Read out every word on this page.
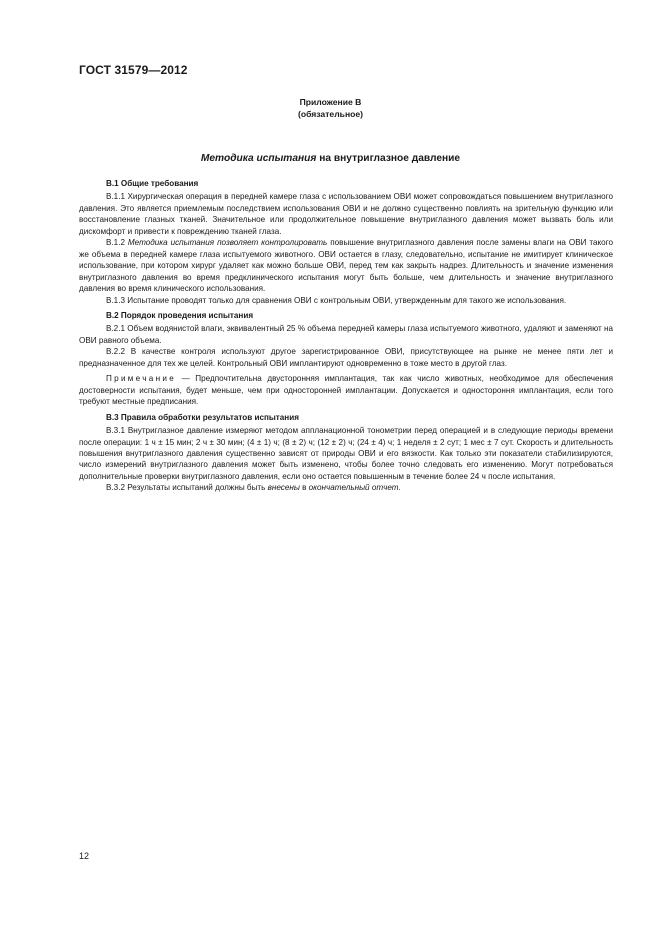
ГОСТ 31579—2012
Приложение В
(обязательное)
Методика испытания на внутриглазное давление
В.1 Общие требования

В.1.1 Хирургическая операция в передней камере глаза с использованием ОВИ может сопровождаться повышением внутриглазного давления. Это является приемлемым последствием использования ОВИ и не должно существенно повлиять на зрительную функцию или восстановление глазных тканей. Значительное или продолжительное повышение внутриглазного давления может вызвать боль или дискомфорт и привести к повреждению тканей глаза.

В.1.2 Методика испытания позволяет контролировать повышение внутриглазного давления после замены влаги на ОВИ такого же объема в передней камере глаза испытуемого животного. ОВИ остается в глазу, следовательно, испытание не имитирует клиническое использование, при котором хирург удаляет как можно больше ОВИ, перед тем как закрыть надрез. Длительность и значение изменения внутриглазного давления во время предклинического испытания могут быть больше, чем длительность и значение внутриглазного давления во время клинического использования.

В.1.3 Испытание проводят только для сравнения ОВИ с контрольным ОВИ, утвержденным для такого же использования.

В.2 Порядок проведения испытания

В.2.1 Объем водянистой влаги, эквивалентный 25 % объема передней камеры глаза испытуемого животного, удаляют и заменяют на ОВИ равного объема.

В.2.2 В качестве контроля используют другое зарегистрированное ОВИ, присутствующее на рынке не менее пяти лет и предназначенное для тех же целей. Контрольный ОВИ имплантируют одновременно в тоже место в другой глаз.

Примечание — Предпочтительна двусторонняя имплантация, так как число животных, необходимое для обеспечения достоверности испытания, будет меньше, чем при односторонней имплантации. Допускается и одностороння имплантация, если того требуют местные предписания.

В.3 Правила обработки результатов испытания

В.3.1 Внутриглазное давление измеряют методом аппланационной тонометрии перед операцией и в следующие периоды времени после операции: 1 ч ± 15 мин; 2 ч ± 30 мин; (4 ± 1) ч; (8 ± 2) ч; (12 ± 2) ч; (24 ± 4) ч; 1 неделя ± 2 сут; 1 мес ± 7 сут. Скорость и длительность повышения внутриглазного давления существенно зависят от природы ОВИ и его вязкости. Как только эти показатели стабилизируются, число измерений внутриглазного давления может быть изменено, чтобы более точно следовать его изменению. Могут потребоваться дополнительные проверки внутриглазного давления, если оно остается повышенным в течение более 24 ч после испытания.

В.3.2 Результаты испытаний должны быть внесены в окончательный отчет.

12
